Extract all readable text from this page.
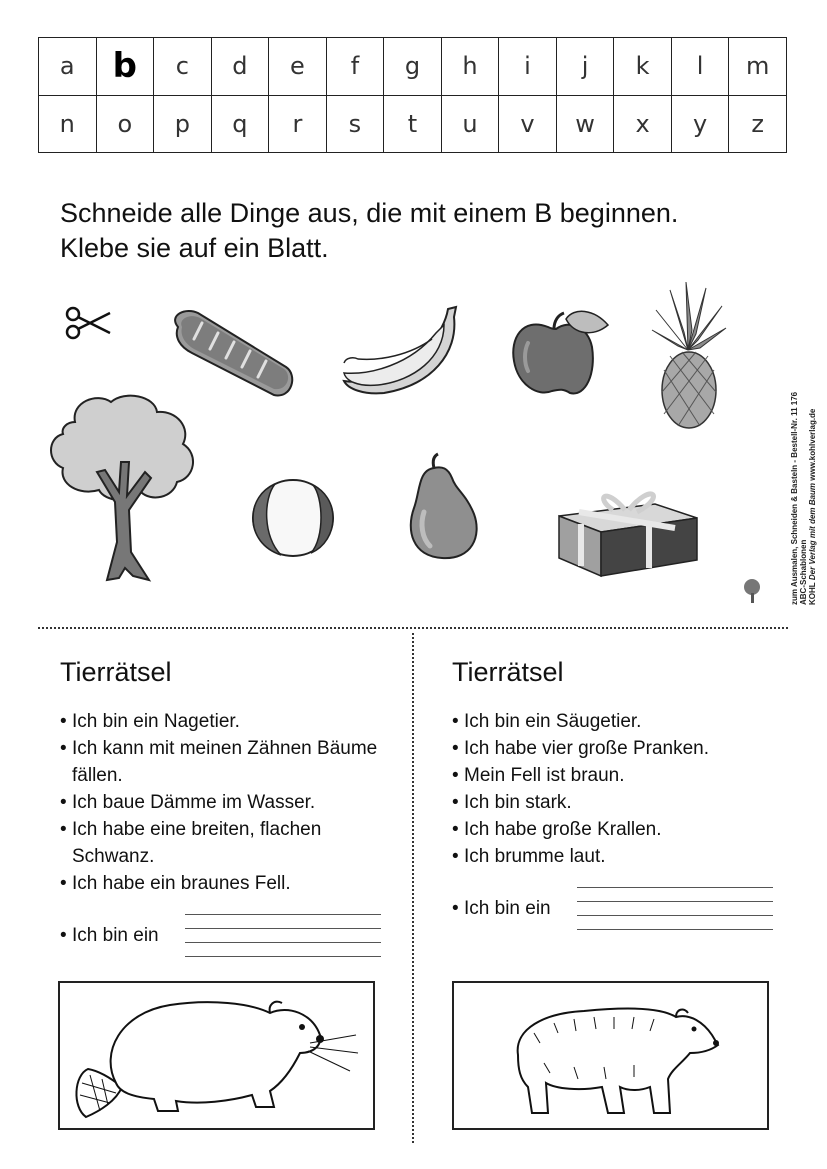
a	b	c	d	e	f	g	h	i	j	k	l	m
n	o	p	q	r	s	t	u	v	w	x	y	z
Schneide alle Dinge aus, die mit einem B beginnen.
Klebe sie auf ein Blatt.
zum Ausmalen, Schneiden & Basteln - Bestell-Nr. 11 176 ABC-Schablonen KOHL Der Verlag mit dem Baum www.kohlverlag.de
Tierrätsel
• Ich bin ein Nagetier.
• Ich kann mit meinen Zähnen Bäume fällen.
• Ich baue Dämme im Wasser.
• Ich habe eine breiten, flachen Schwanz.
• Ich habe ein braunes Fell.
• Ich bin ein
Tierrätsel
• Ich bin ein Säugetier.
• Ich habe vier große Pranken.
• Mein Fell ist braun.
• Ich bin stark.
• Ich habe große Krallen.
• Ich brumme laut.
• Ich bin ein
